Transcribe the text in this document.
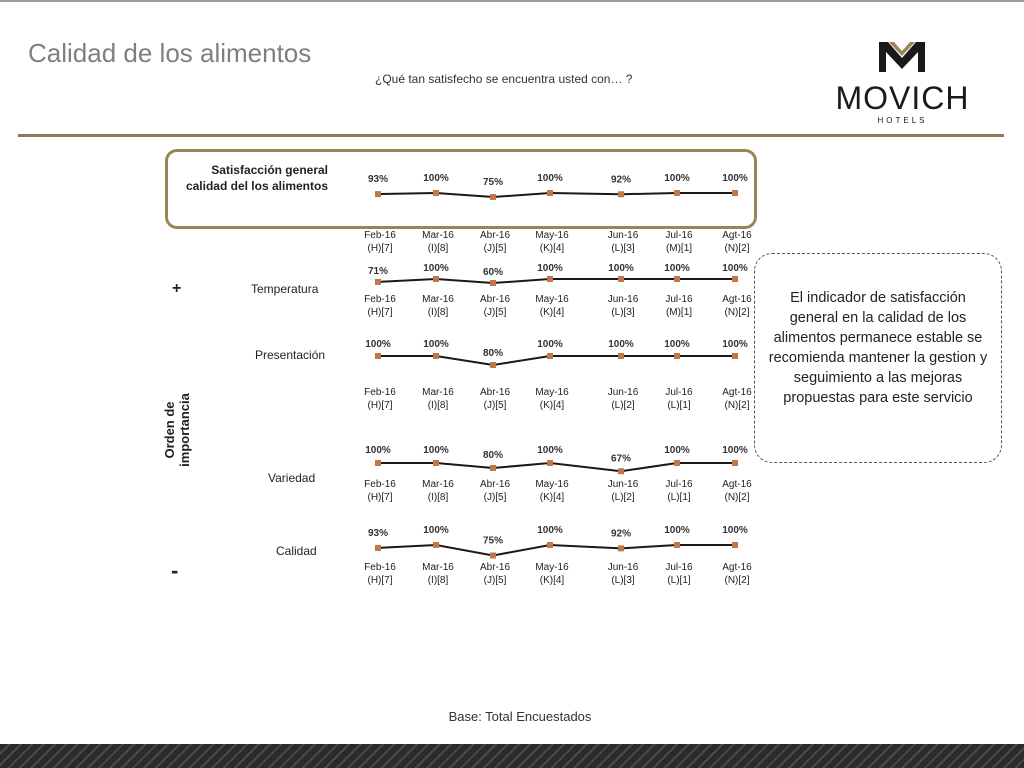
Calidad de los alimentos
¿Qué tan satisfecho se encuentra usted con… ?
MOVICH
HOTELS
Satisfacción general
calidad del los alimentos
Temperatura
Presentación
Variedad
Calidad
Orden de importancia
+
-
93%
Feb-16 (H)[7]
100%
Mar-16 (I)[8]
75%
Abr-16 (J)[5]
100%
May-16 (K)[4]
92%
Jun-16 (L)[3]
100%
Jul-16 (M)[1]
100%
Agt-16 (N)[2]
71%
Feb-16 (H)[7]
100%
Mar-16 (I)[8]
60%
Abr-16 (J)[5]
100%
May-16 (K)[4]
100%
Jun-16 (L)[3]
100%
Jul-16 (M)[1]
100%
Agt-16 (N)[2]
100%
Feb-16 (H)[7]
100%
Mar-16 (I)[8]
80%
Abr-16 (J)[5]
100%
May-16 (K)[4]
100%
Jun-16 (L)[2]
100%
Jul-16 (L)[1]
100%
Agt-16 (N)[2]
100%
Feb-16 (H)[7]
100%
Mar-16 (I)[8]
80%
Abr-16 (J)[5]
100%
May-16 (K)[4]
67%
Jun-16 (L)[2]
100%
Jul-16 (L)[1]
100%
Agt-16 (N)[2]
93%
Feb-16 (H)[7]
100%
Mar-16 (I)[8]
75%
Abr-16 (J)[5]
100%
May-16 (K)[4]
92%
Jun-16 (L)[3]
100%
Jul-16 (L)[1]
100%
Agt-16 (N)[2]
El indicador de satisfacción general en la calidad de los alimentos permanece estable se recomienda mantener la gestion y seguimiento a las mejoras propuestas para este servicio
Base: Total Encuestados
